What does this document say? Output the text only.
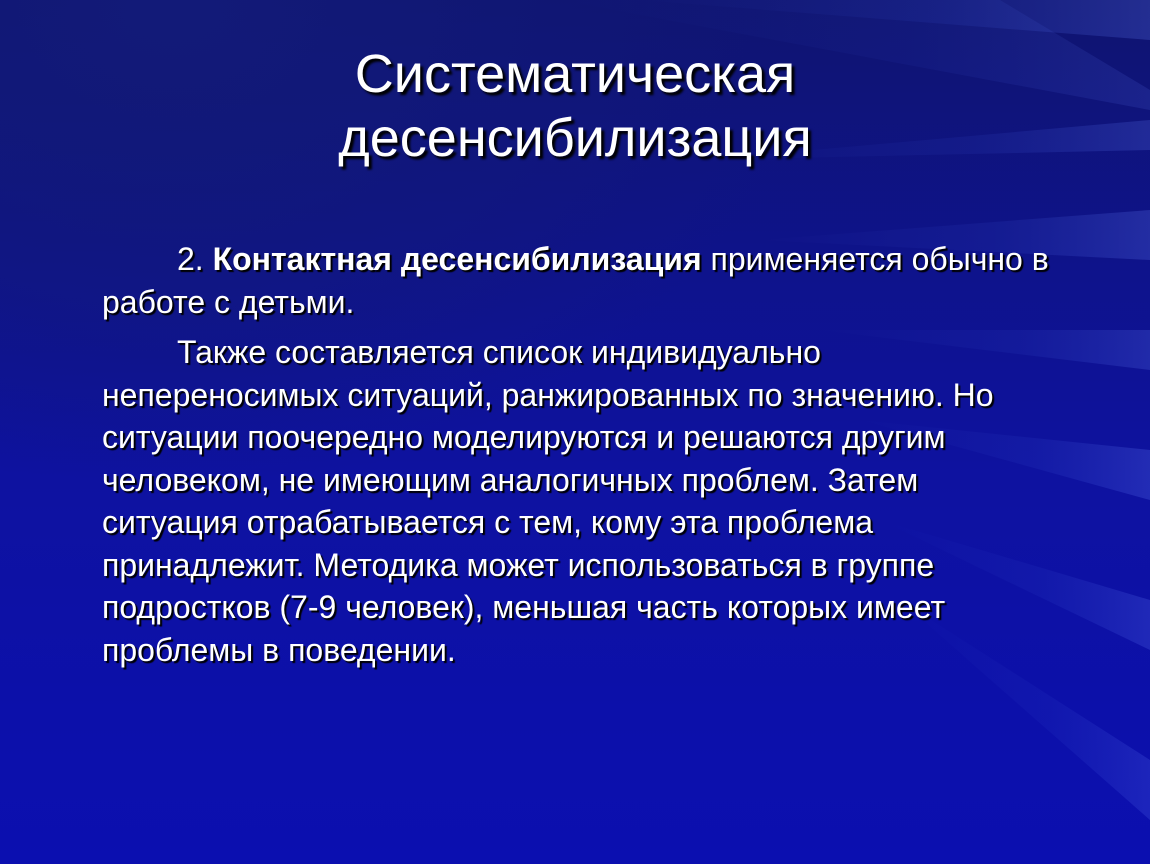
Систематическая
десенсибилизация

2. Контактная десенсибилизация применяется обычно в работе с детьми.

Также составляется список индивидуально непереносимых ситуаций, ранжированных по значению. Но ситуации поочередно моделируются и решаются другим человеком, не имеющим аналогичных проблем. Затем ситуация отрабатывается с тем, кому эта проблема принадлежит. Методика может использоваться в группе подростков (7-9 человек), меньшая часть которых имеет проблемы в поведении.
